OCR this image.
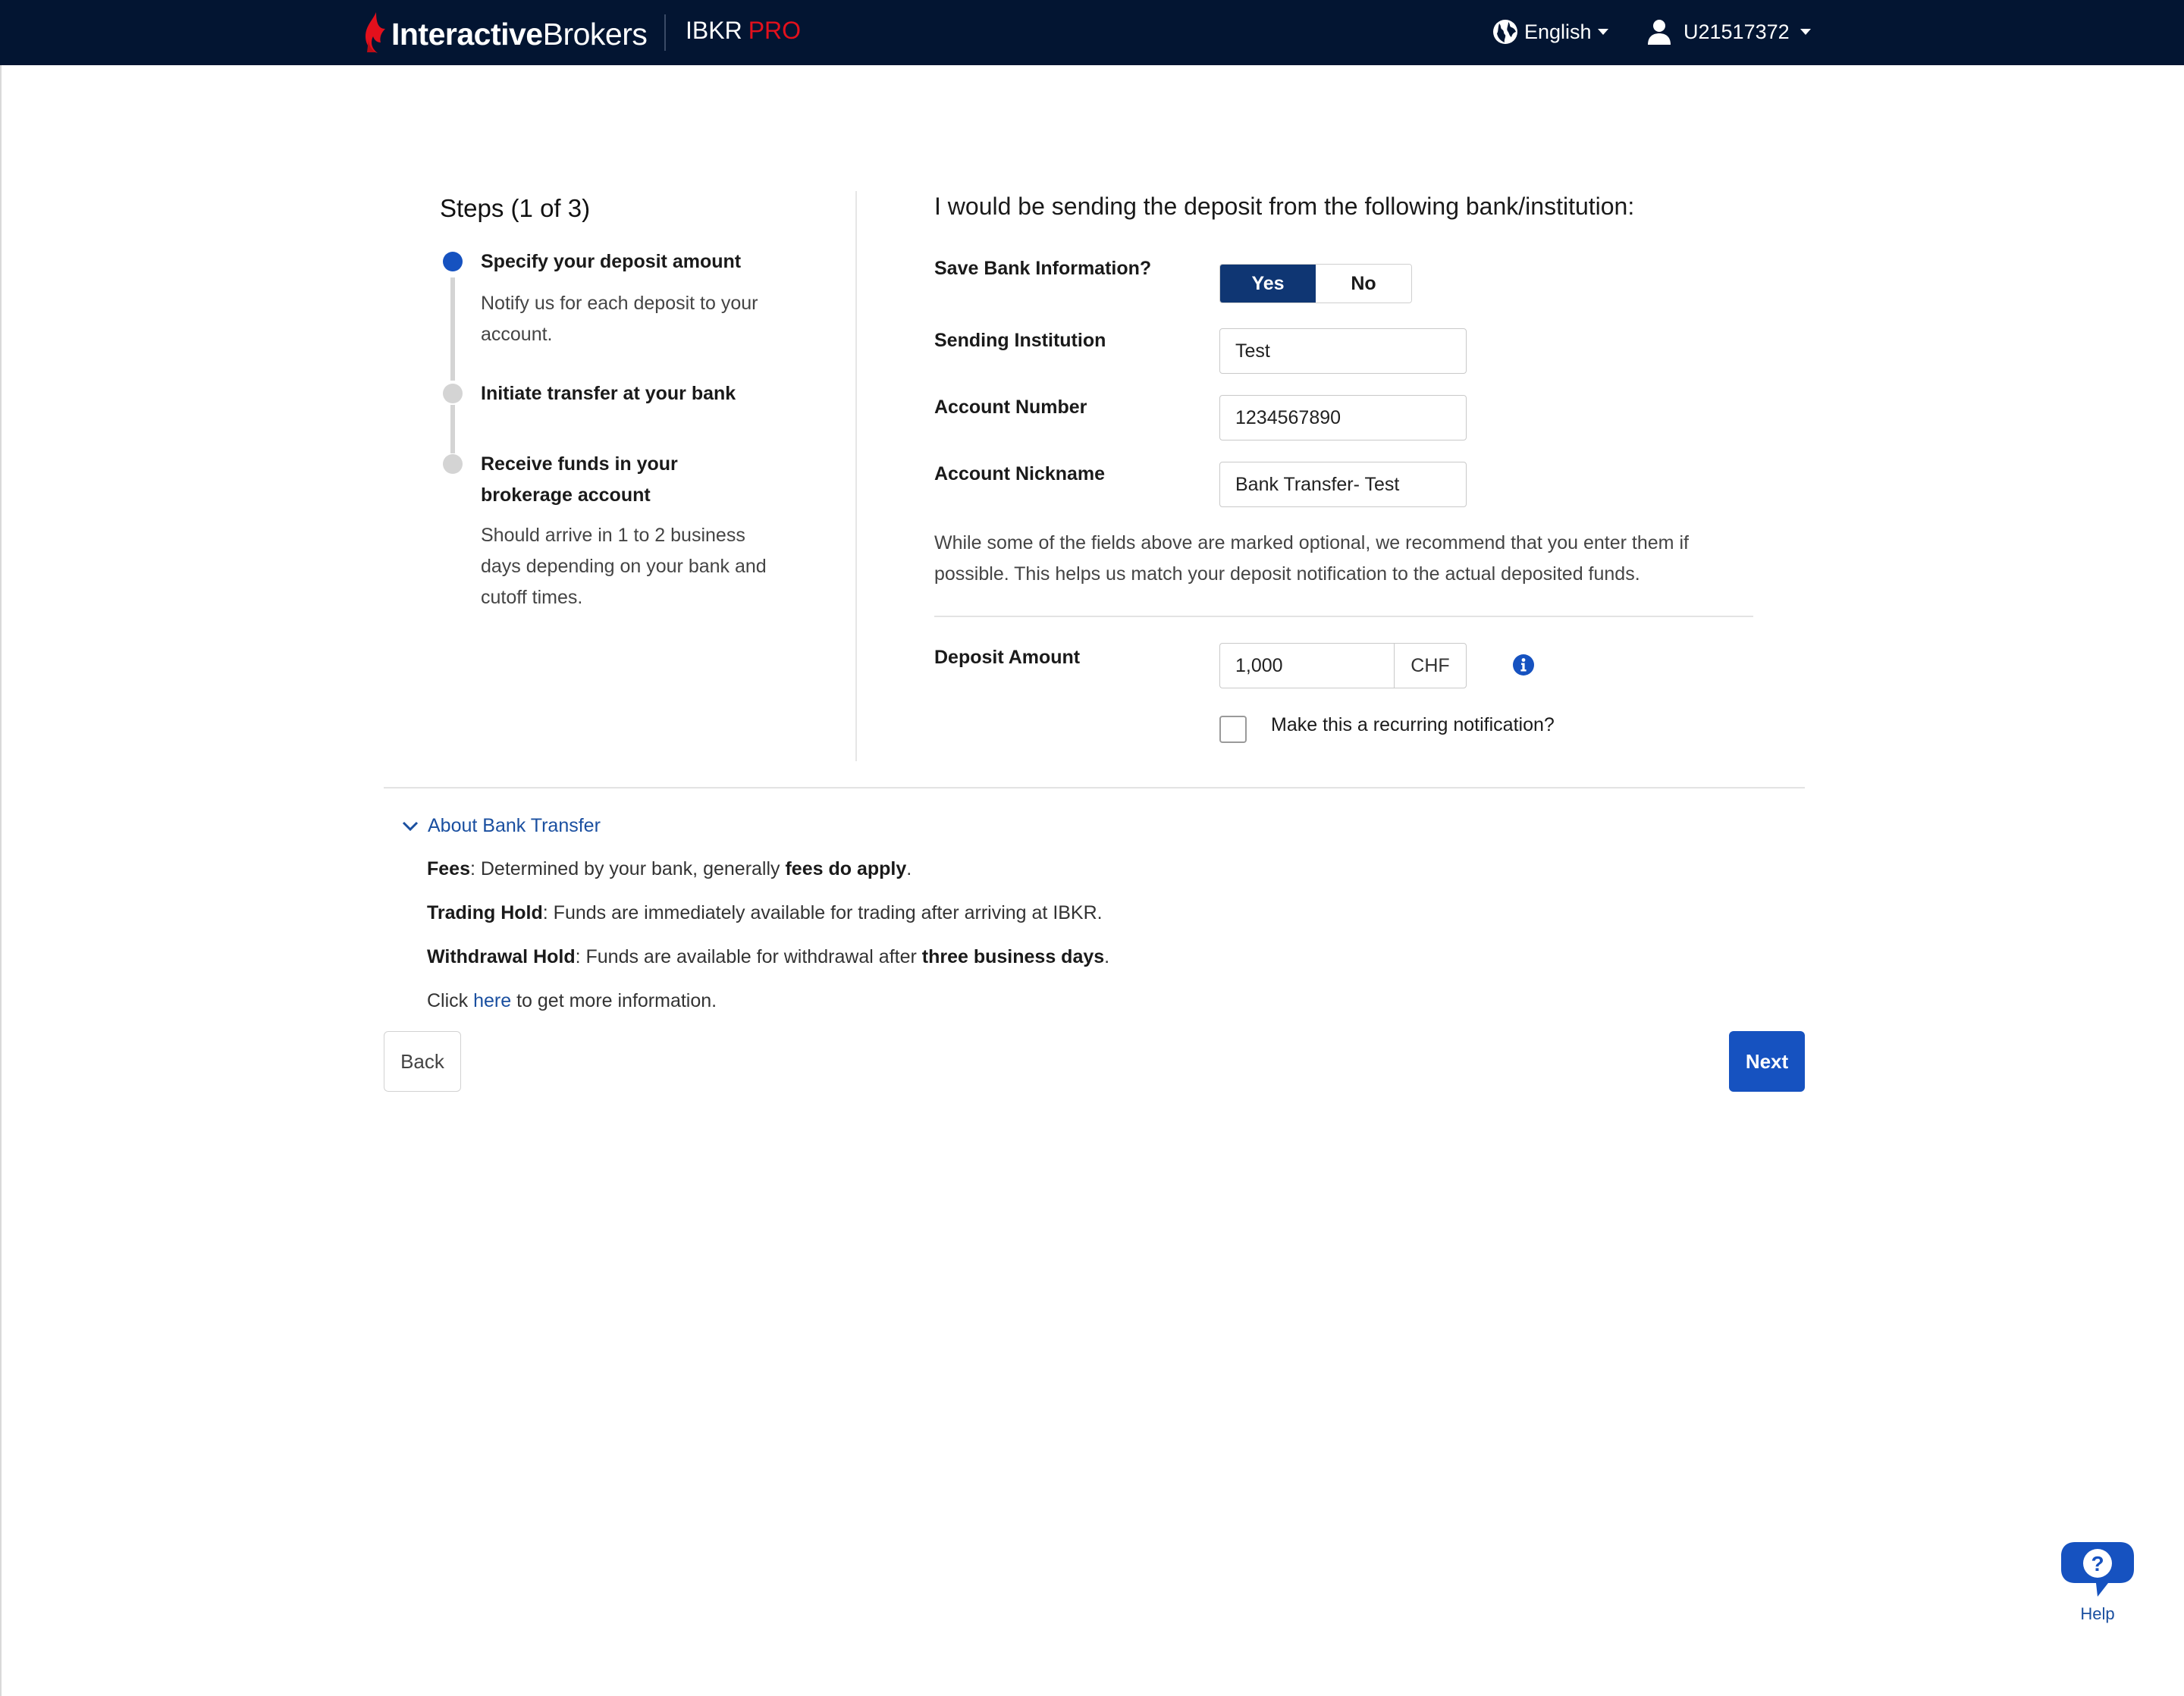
InteractiveBrokers IBKR PRO	English	U21517372
Steps (1 of 3)
Specify your deposit amount
Notify us for each deposit to your account.
Initiate transfer at your bank
Receive funds in your brokerage account
Should arrive in 1 to 2 business days depending on your bank and cutoff times.
I would be sending the deposit from the following bank/institution:
Save Bank Information?
Yes	No
Sending Institution
Test
Account Number
1234567890
Account Nickname
Bank Transfer- Test
While some of the fields above are marked optional, we recommend that you enter them if possible. This helps us match your deposit notification to the actual deposited funds.
Deposit Amount
1,000	CHF
Make this a recurring notification?
About Bank Transfer
Fees: Determined by your bank, generally fees do apply.
Trading Hold: Funds are immediately available for trading after arriving at IBKR.
Withdrawal Hold: Funds are available for withdrawal after three business days.
Click here to get more information.
Back	Next
?
Help
